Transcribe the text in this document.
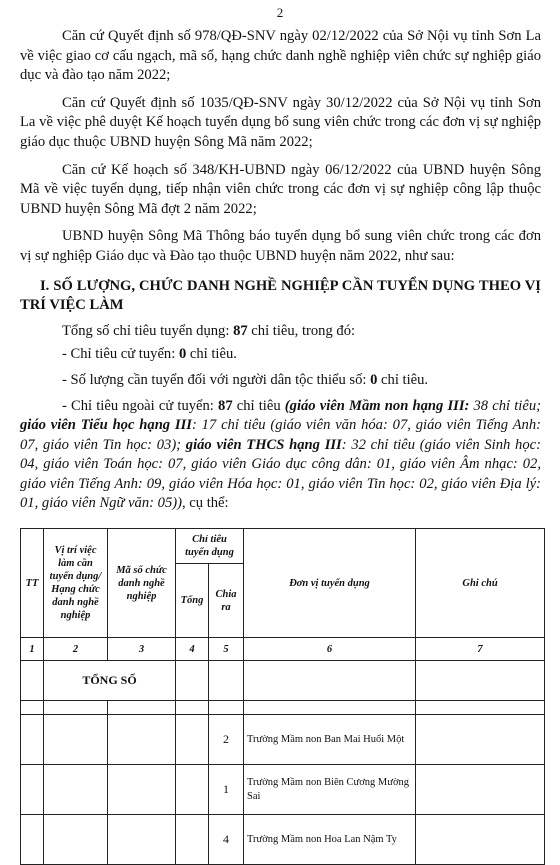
2

Căn cứ Quyết định số 978/QĐ-SNV ngày 02/12/2022 của Sở Nội vụ tỉnh Sơn La về việc giao cơ cấu ngạch, mã số, hạng chức danh nghề nghiệp viên chức sự nghiệp giáo dục và đào tạo năm 2022;

Căn cứ Quyết định số 1035/QĐ-SNV ngày 30/12/2022 của Sở Nội vụ tỉnh Sơn La về việc phê duyệt Kế hoạch tuyển dụng bổ sung viên chức trong các đơn vị sự nghiệp giáo dục thuộc UBND huyện Sông Mã năm 2022;

Căn cứ Kế hoạch số 348/KH-UBND ngày 06/12/2022 của UBND huyện Sông Mã về việc tuyển dụng, tiếp nhận viên chức trong các đơn vị sự nghiệp công lập thuộc UBND huyện Sông Mã đợt 2 năm 2022;

UBND huyện Sông Mã Thông báo tuyển dụng bổ sung viên chức trong các đơn vị sự nghiệp Giáo dục và Đào tạo thuộc UBND huyện năm 2022, như sau:

I. SỐ LƯỢNG, CHỨC DANH NGHỀ NGHIỆP CẦN TUYỂN DỤNG THEO VỊ TRÍ VIỆC LÀM

Tổng số chỉ tiêu tuyển dụng: 87 chỉ tiêu, trong đó:

- Chỉ tiêu cử tuyển: 0 chỉ tiêu.

- Số lượng cần tuyển đối với người dân tộc thiểu số: 0 chỉ tiêu.

- Chỉ tiêu ngoài cử tuyển: 87 chỉ tiêu (giáo viên Mầm non hạng III: 38 chỉ tiêu; giáo viên Tiểu học hạng III: 17 chỉ tiêu (giáo viên văn hóa: 07, giáo viên Tiếng Anh: 07, giáo viên Tin học: 03); giáo viên THCS hạng III: 32 chỉ tiêu (giáo viên Sinh học: 04, giáo viên Toán học: 07, giáo viên Giáo dục công dân: 01, giáo viên Âm nhạc: 02, giáo viên Tiếng Anh: 09, giáo viên Hóa học: 01, giáo viên Tin học: 02, giáo viên Địa lý: 01, giáo viên Ngữ văn: 05)), cụ thể:

TT	Vị trí việc làm cần tuyển dụng/ Hạng chức danh nghề nghiệp	Mã số chức danh nghề nghiệp	Chỉ tiêu tuyển dụng		Đơn vị tuyển dụng	Ghi chú
			Tổng	Chia ra		
1	2	3	4	5	6	7
	TỔNG SỐ					

				2	Trường Mầm non Ban Mai Huổi Một	
				1	Trường Mầm non Biên Cương Mường Sai	
				4	Trường Mầm non Hoa Lan Nậm Ty	
